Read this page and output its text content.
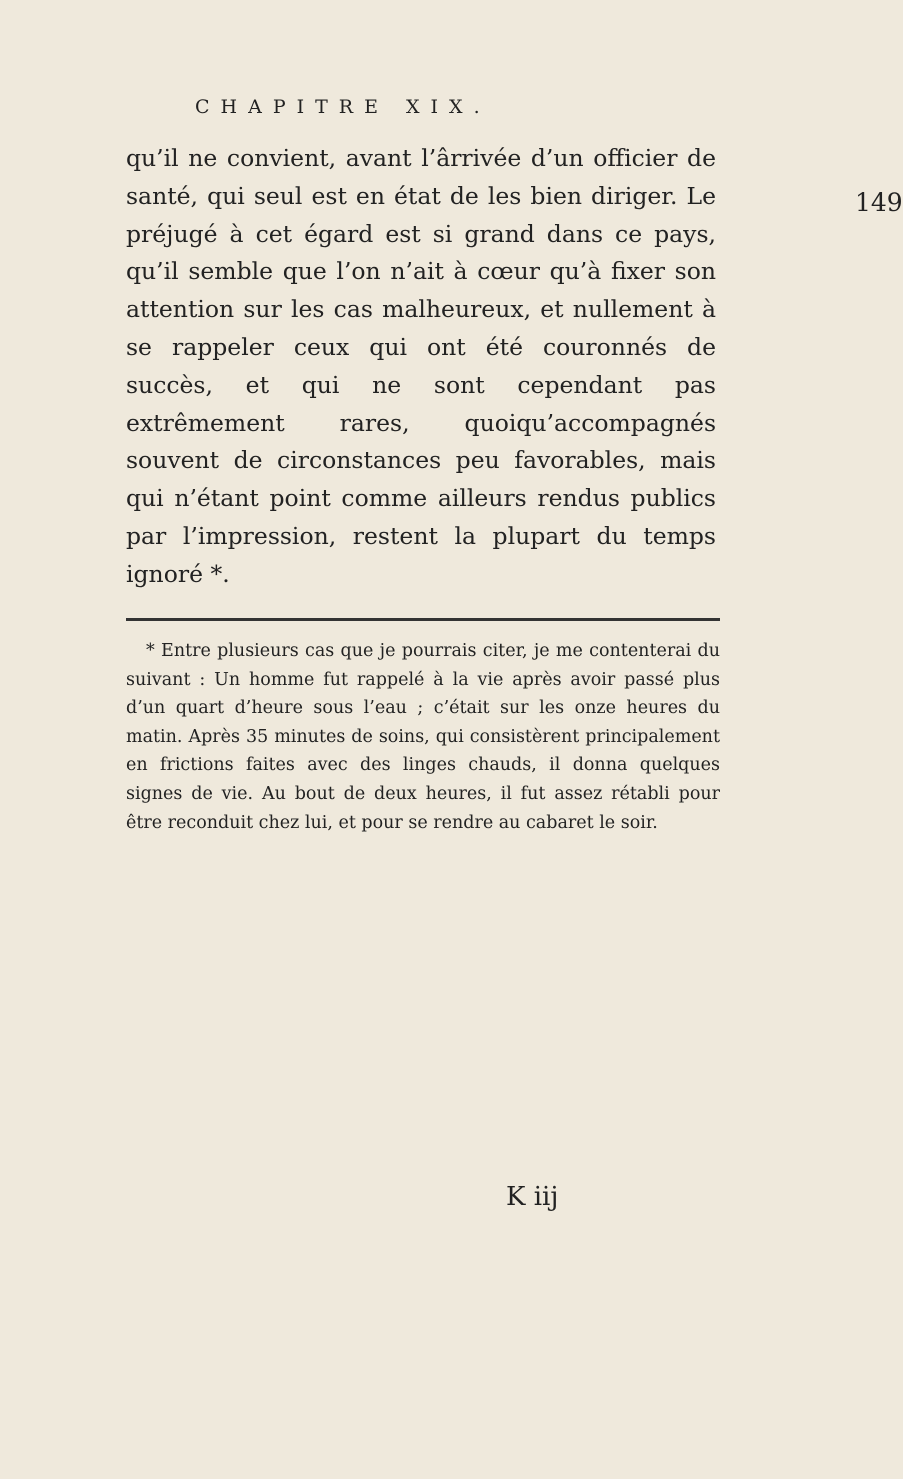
CHAPITRE XIX.
149

qu’il ne convient, avant l’ârrivée d’un officier de santé, qui seul est en état de les bien diriger. Le préjugé à cet égard est si grand dans ce pays, qu’il semble que l’on n’ait à cœur qu’à fixer son attention sur les cas malheureux, et nullement à se rappeler ceux qui ont été couronnés de succès, et qui ne sont cependant pas extrêmement rares, quoiqu’accompagnés souvent de circonstances peu favorables, mais qui n’étant point comme ailleurs rendus publics par l’impression, restent la plupart du temps ignoré *.

* Entre plusieurs cas que je pourrais citer, je me contenterai du suivant : Un homme fut rappelé à la vie après avoir passé plus d’un quart d’heure sous l’eau ; c’était sur les onze heures du matin. Après 35 minutes de soins, qui consistèrent principalement en frictions faites avec des linges chauds, il donna quelques signes de vie. Au bout de deux heures, il fut assez rétabli pour être reconduit chez lui, et pour se rendre au cabaret le soir.

K iij
